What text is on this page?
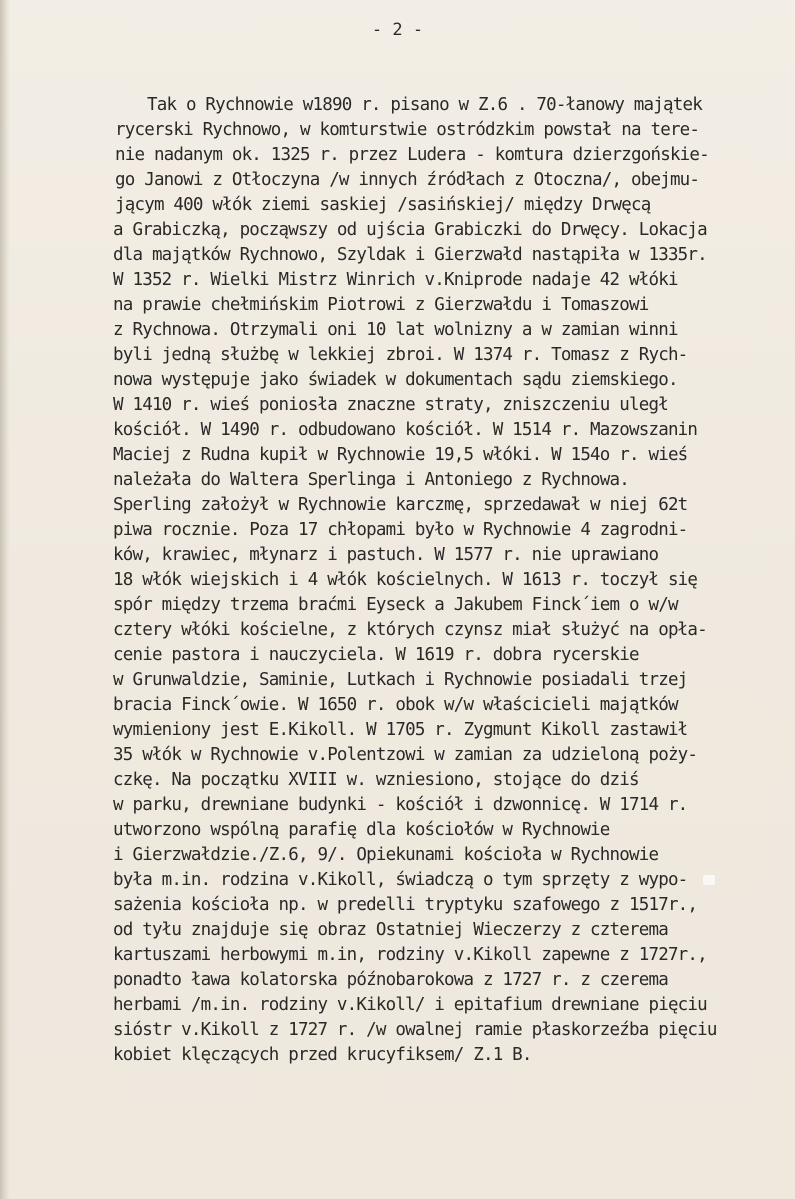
- 2 -
Tak o Rychnowie w1890 r. pisano w Z.6 . 70-łanowy majątek
rycerski Rychnowo, w komturstwie ostródzkim powstał na tere-
nie nadanym ok. 1325 r. przez Ludera - komtura dzierzgońskie-
go Janowi z Otłoczyna /w innych źródłach z Otoczna/, obejmu-
jącym 400 włók ziemi saskiej /sasińskiej/ między Drwęcą
a Grabiczką, począwszy od ujścia Grabiczki do Drwęcy. Lokacja
dla majątków Rychnowo, Szyldak i Gierzwałd nastąpiła w 1335r.
W 1352 r. Wielki Mistrz Winrich v.Kniprode nadaje 42 włóki
na prawie chełmińskim Piotrowi z Gierzwałdu i Tomaszowi
z Rychnowa. Otrzymali oni 10 lat wolnizny a w zamian winni
byli jedną służbę w lekkiej zbroi. W 1374 r. Tomasz z Rych-
nowa występuje jako świadek w dokumentach sądu ziemskiego.
W 1410 r. wieś poniosła znaczne straty, zniszczeniu uległ
kościół. W 1490 r. odbudowano kościół. W 1514 r. Mazowszanin
Maciej z Rudna kupił w Rychnowie 19,5 włóki. W 154o r. wieś
należała do Waltera Sperlinga i Antoniego z Rychnowa.
Sperling założył w Rychnowie karczmę, sprzedawał w niej 62t
piwa rocznie. Poza 17 chłopami było w Rychnowie 4 zagrodni-
ków, krawiec, młynarz i pastuch. W 1577 r. nie uprawiano
18 włók wiejskich i 4 włók kościelnych. W 1613 r. toczył się
spór między trzema braćmi Eyseck a Jakubem Finck´iem o w/w
cztery włóki kościelne, z których czynsz miał służyć na opła-
cenie pastora i nauczyciela. W 1619 r. dobra rycerskie
w Grunwaldzie, Saminie, Lutkach i Rychnowie posiadali trzej
bracia Finck´owie. W 1650 r. obok w/w właścicieli majątków
wymieniony jest E.Kikoll. W 1705 r. Zygmunt Kikoll zastawił
35 włók w Rychnowie v.Polentzowi w zamian za udzieloną poży-
czkę. Na początku XVIII w. wzniesiono, stojące do dziś
w parku, drewniane budynki - kościół i dzwonnicę. W 1714 r.
utworzono wspólną parafię dla kościołów w Rychnowie
i Gierzwałdzie./Z.6, 9/. Opiekunami kościoła w Rychnowie
była m.in. rodzina v.Kikoll, świadczą o tym sprzęty z wypo-
sażenia kościoła np. w predelli tryptyku szafowego z 1517r.,
od tyłu znajduje się obraz Ostatniej Wieczerzy z czterema
kartuszami herbowymi m.in, rodziny v.Kikoll zapewne z 1727r.,
ponadto ława kolatorska późnobarokowa z 1727 r. z czerema
herbami /m.in. rodziny v.Kikoll/ i epitafium drewniane pięciu
sióstr v.Kikoll z 1727 r. /w owalnej ramie płaskorzeźba pięciu
kobiet klęczących przed krucyfiksem/ Z.1 B.
